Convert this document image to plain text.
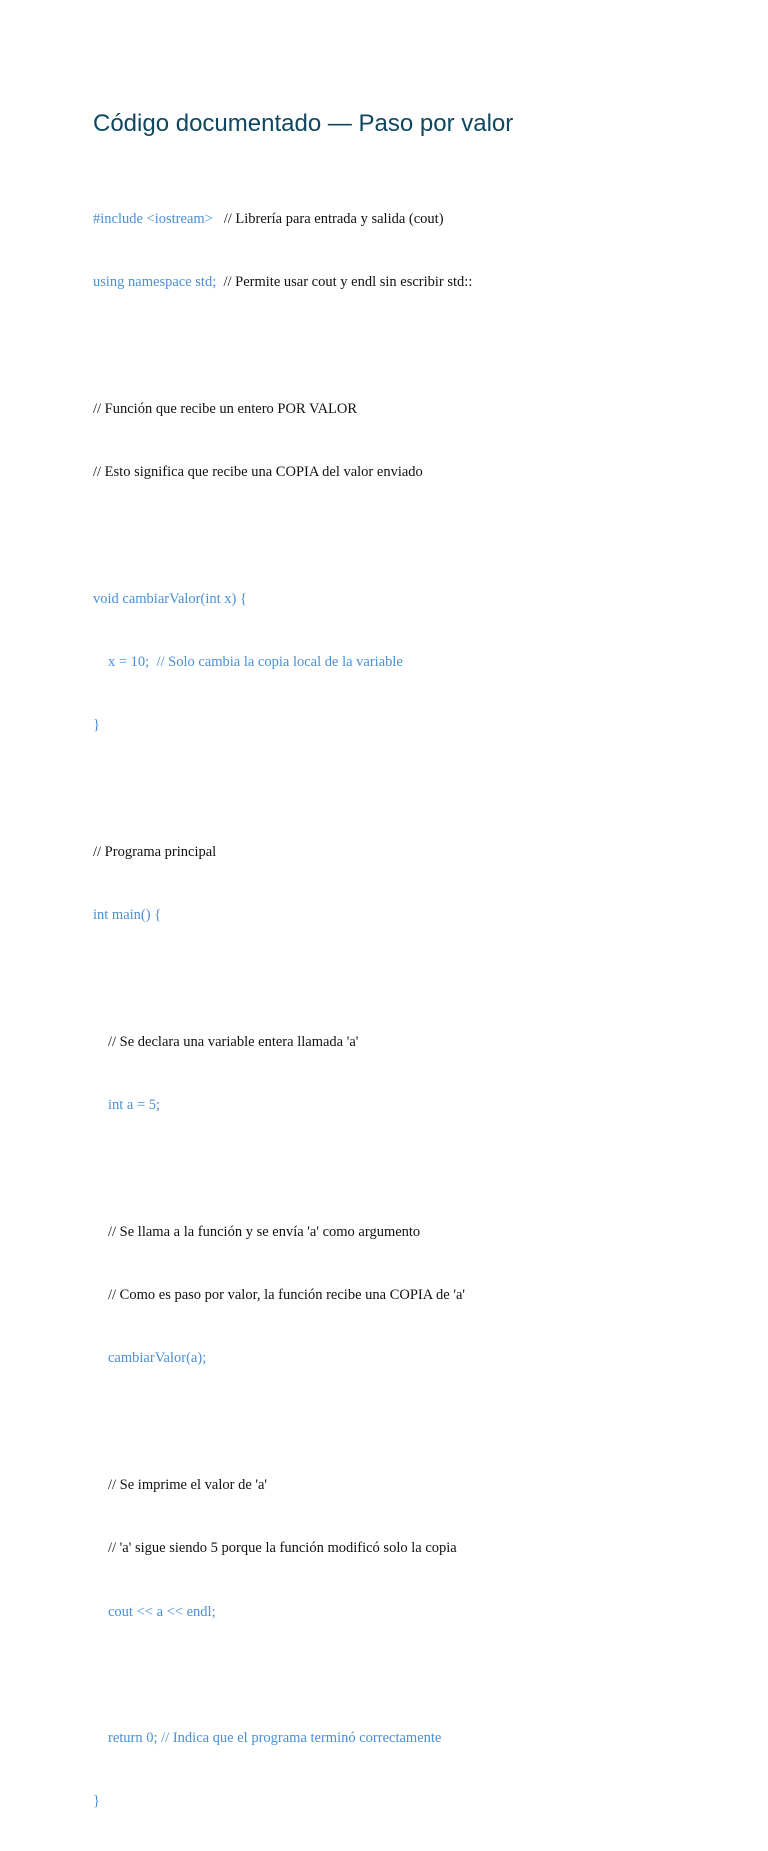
Código documentado — Paso por valor

#include <iostream> // Librería para entrada y salida (cout)

using namespace std; // Permite usar cout y endl sin escribir std::

// Función que recibe un entero POR VALOR

// Esto significa que recibe una COPIA del valor enviado

void cambiarValor(int x) {

x = 10;  // Solo cambia la copia local de la variable

}

// Programa principal

int main() {

// Se declara una variable entera llamada 'a'

int a = 5;

// Se llama a la función y se envía 'a' como argumento

// Como es paso por valor, la función recibe una COPIA de 'a'

cambiarValor(a);

// Se imprime el valor de 'a'

// 'a' sigue siendo 5 porque la función modificó solo la copia

cout << a << endl;

return 0; // Indica que el programa terminó correctamente

}
